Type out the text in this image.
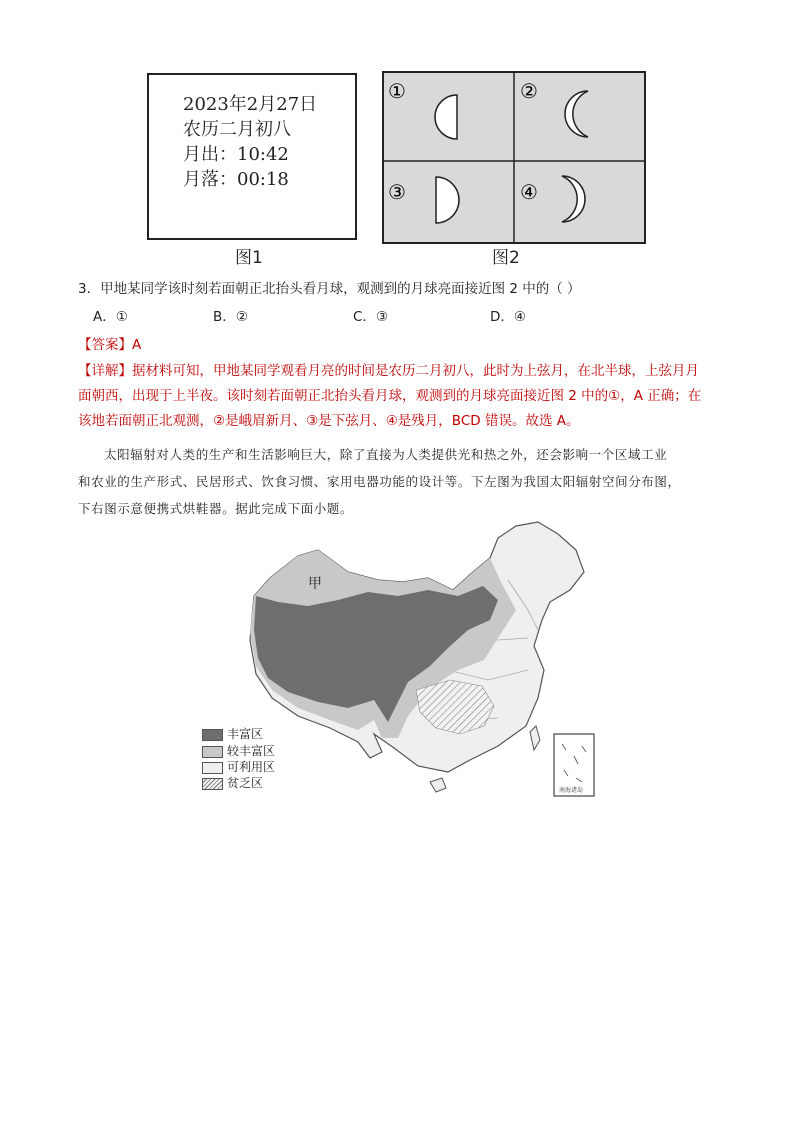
2023年2月27日
农历二月初八
月出：10:42
月落：00:18
图1
①	②
③	④
图2
3．甲地某同学该时刻若面朝正北抬头看月球，观测到的月球亮面接近图 2 中的（ ）
A．①	B．②	C．③	D．④
【答案】A
【详解】据材料可知，甲地某同学观看月亮的时间是农历二月初八，此时为上弦月，在北半球，上弦月月
面朝西，出现于上半夜。该时刻若面朝正北抬头看月球，观测到的月球亮面接近图 2 中的①，A 正确；在
该地若面朝正北观测，②是峨眉新月、③是下弦月、④是残月，BCD 错误。故选 A。
太阳辐射对人类的生产和生活影响巨大，除了直接为人类提供光和热之外，还会影响一个区域工业
和农业的生产形式、民居形式、饮食习惯、家用电器功能的设计等。下左图为我国太阳辐射空间分布图，
下右图示意便携式烘鞋器。据此完成下面小题。
甲
南海诸岛
丰富区
较丰富区
可利用区
贫乏区
